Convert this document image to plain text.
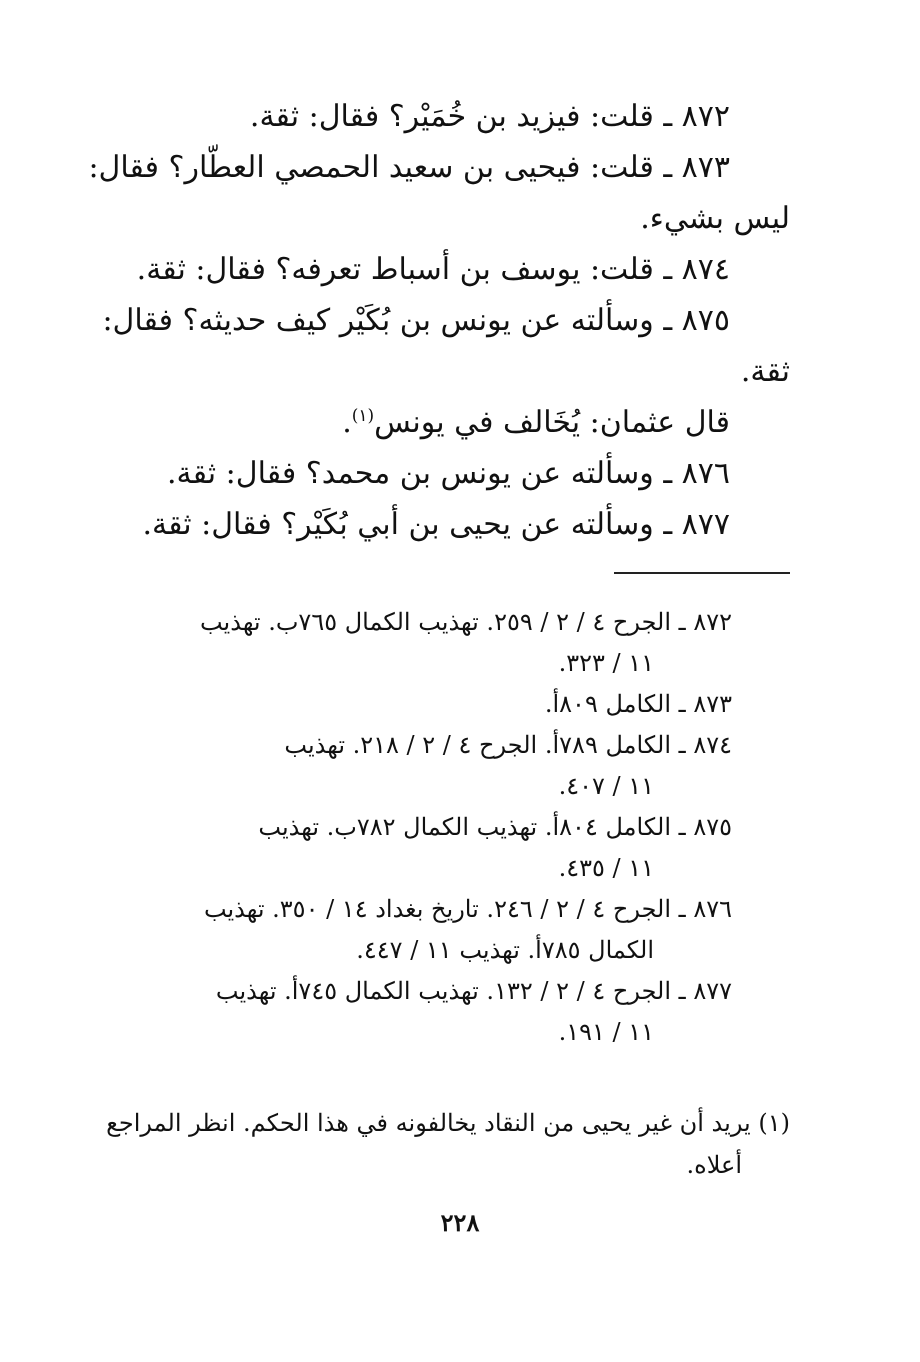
٨٧٢ ـ قلت: فيزيد بن خُمَيْر؟ فقال: ثقة.
٨٧٣ ـ قلت: فيحيى بن سعيد الحمصي العطّار؟ فقال:
ليس بشيء.
٨٧٤ ـ قلت: يوسف بن أسباط تعرفه؟ فقال: ثقة.
٨٧٥ ـ وسألته عن يونس بن بُكَيْر كيف حديثه؟ فقال:
ثقة.
قال عثمان: يُخَالف في يونس$^{(١)}$.
٨٧٦ ـ وسألته عن يونس بن محمد؟ فقال: ثقة.
٨٧٧ ـ وسألته عن يحيى بن أبي بُكَيْر؟ فقال: ثقة.
٨٧٢ ـ الجرح ٤ / ٢ / ٢٥٩. تهذيب الكمال ٧٦٥ب. تهذيب
١١ / ٣٢٣.
٨٧٣ ـ الكامل ٨٠٩أ.
٨٧٤ ـ الكامل ٧٨٩أ. الجرح ٤ / ٢ / ٢١٨. تهذيب
١١ / ٤٠٧.
٨٧٥ ـ الكامل ٨٠٤أ. تهذيب الكمال ٧٨٢ب. تهذيب
١١ / ٤٣٥.
٨٧٦ ـ الجرح ٤ / ٢ / ٢٤٦. تاريخ بغداد ١٤ / ٣٥٠. تهذيب
الكمال ٧٨٥أ. تهذيب ١١ / ٤٤٧.
٨٧٧ ـ الجرح ٤ / ٢ / ١٣٢. تهذيب الكمال ٧٤٥أ. تهذيب
١١ / ١٩١.
(١) يريد أن غير يحيى من النقاد يخالفونه في هذا الحكم. انظر المراجع
أعلاه.
٢٢٨
